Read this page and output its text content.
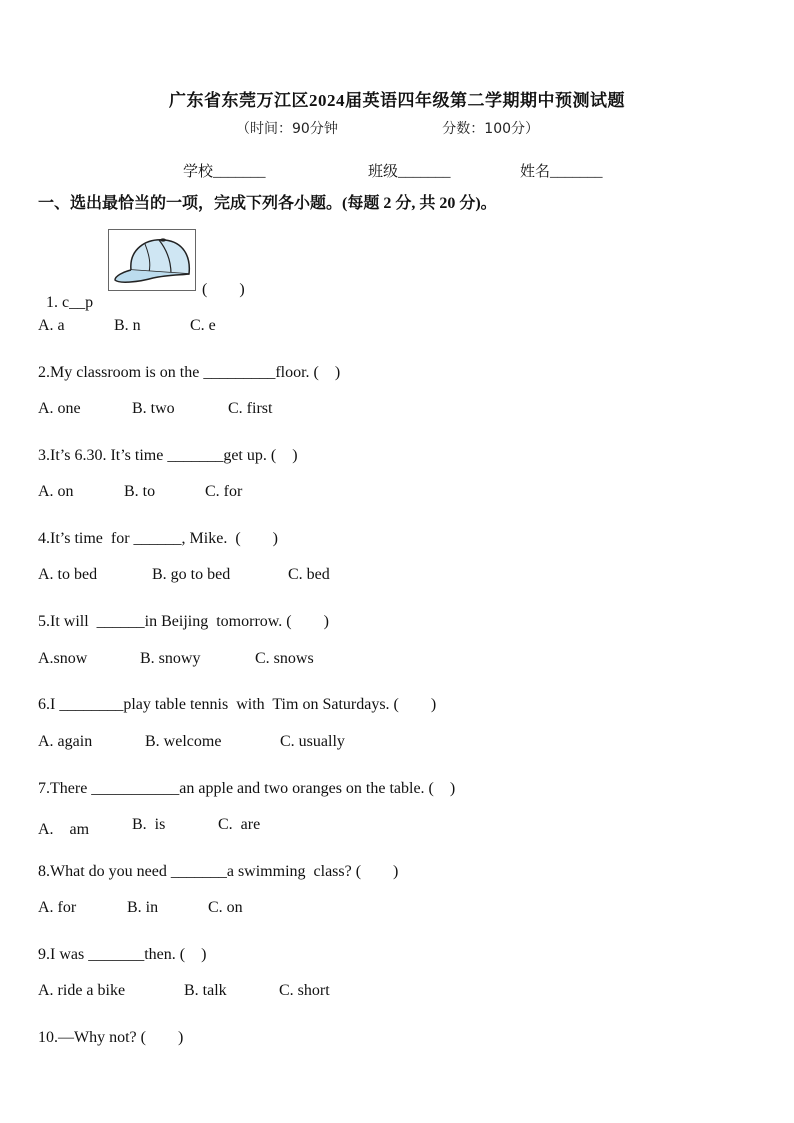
广东省东莞万江区2024届英语四年级第二学期期中预测试题
（时间：90分钟	分数：100分）
学校_______	班级_______	姓名_______
一、选出最恰当的一项，完成下列各小题。(每题 2 分, 共 20 分)。

1. c__p

(　　)
A. a	B. n	C. e
2.My classroom is on the _________floor. (　)
A. one	B. two	C. first
3.It’s 6.30. It’s time _______get up. (　)
A. on	B. to	C. for
4.It’s time  for ______, Mike.  (　　)
A. to bed	B. go to bed	C. bed
5.It will  ______in Beijing  tomorrow. (　　)
A.snow	B. snowy	C. snows
6.I ________play table tennis  with  Tim on Saturdays. (　　)
A. again	B. welcome	C. usually
7.There ___________an apple and two oranges on the table. (　)
A.　am	B.  is	C.  are
8.What do you need _______a swimming  class? (　　)
A. for	B. in	C. on
9.I was _______then. (　)
A. ride a bike	B. talk	C. short
10.—Why not? (　　)
